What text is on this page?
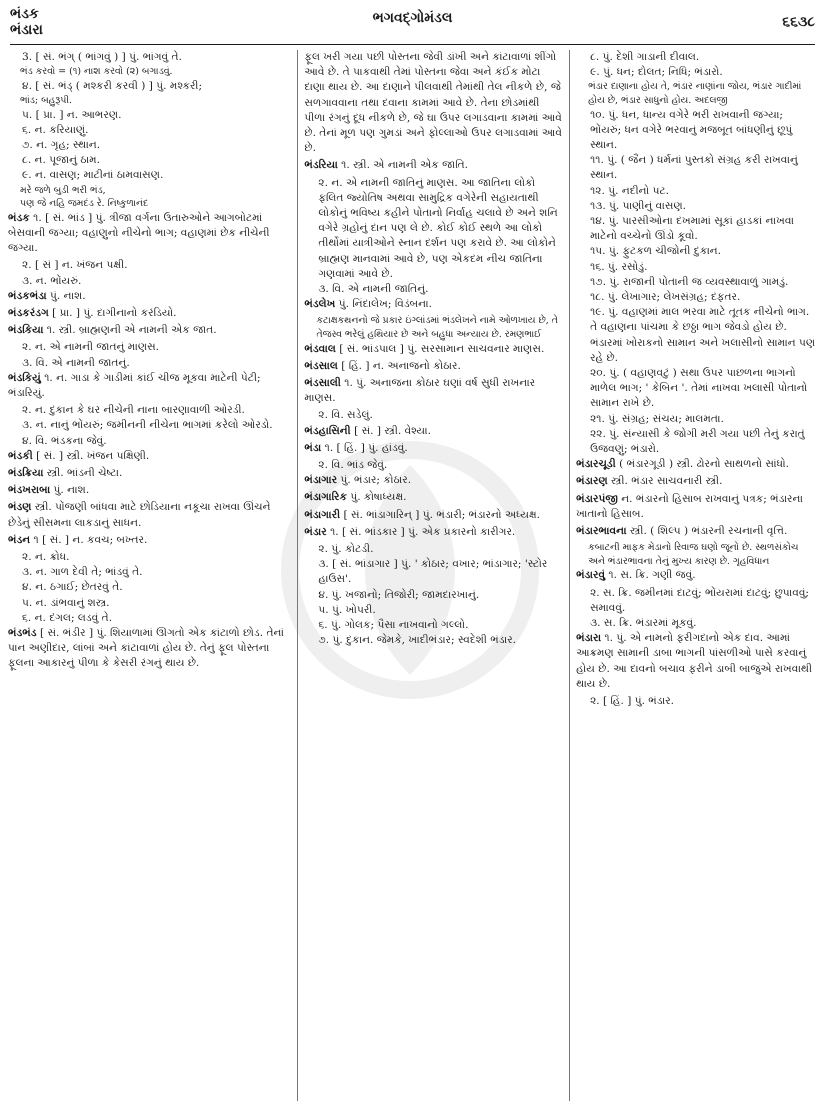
ભંડક
ભંડારા
ભગવદ્ગોમંડલ	૬૬૩૮
3. [ સં. ભંગ્ ( ભાંગવું ) ] પું. ભાંગવું તે.
ભંડ કરવો = (૧) નાશ કરવો (૨) બગાડવું.
૪. [ સં. ભંડ્ ( મશ્કરી કરવી ) ] પું. મશ્કરી;
ભાંડ; બહુરૂપી.
પ. [ પ્રા. ] ન. આભરણ.
૬. ન. કરિયાણું.
૭. ન. ગૃહ; સ્થાન.
૮. ન. પૂજાનું ઠામ.
૯. ન. વાસણ; માટીનાં ઠામવાસણ.
મરે જળે બુડી ભરી ભંડ,
પણ જે નહિ જમદંડ રે. નિષ્કુળાનંદ
ભંડક ૧. [ સં. ભાંડ ] પું. ત્રીજા વર્ગના ઉતારુઓને આગબોટમાં બેસવાની જગ્યા; વહાણુનો નીચેનો ભાગ; વહાણમાં છેક નીચેની જગ્યા.
૨. [ સં ] ન. ખંજન પક્ષી.
૩. ન. ભોંયરું.
ભંડકભંડા પું. નાશ.
ભંડકરંડગ [ પ્રા. ] પું. દાગીનાનો કરંડિયો.
ભંડકિયા ૧. સ્ત્રી. બ્રાહ્મણની એ નામની એક જાત.
૨. ન. એ નામની જાતનું માણસ.
૩. વિ. એ નામની જાતનું.
ભંડકિયું ૧. ન. ગાડા કે ગાડીમાં કાંઈ ચીજ મૂકવા માટેની પેટી; ભંડારિયું.
૨. ન. દુકાન કે ઘર નીચેની નાના બારણાવાળી ઓરડી.
૩. ન. નાનું ભોંયરું; જમીનની નીચેના ભાગમાં કરેલો ઓરડો.
૪. વિ. ભંડકના જેવું.
ભંડકી [ સં. ] સ્ત્રી. ખંજન પક્ષિણી.
ભંડક્રિયા સ્ત્રી. ભાંડની ચેષ્ટા.
ભંડખરાબા પું. નાશ.
ભંડણ સ્ત્રી. પોંજણી બાંધવા માટે છોડિયાના નકૂચા રાખવા ઊંચને છેડેનું સીસમના લાકડાનું સાધન.
ભંડન ૧ [ સં. ] ન. કવચ; બખ્તર.
૨. ન. ક્રોધ.
૩. ન. ગાળ દેવી તે; ભાંડવું તે.
૪. ન. ઠગાઈ; છેતરવું તે.
પ. ન. ડાંભવાનું શસ્ત્ર.
૬. ન. દંગલ; લડવું તે.
ભંડભંડ [ સં. ભંડીર ] પું. શિયાળામાં ઊગતો એક કાંટાળો છોડ. તેનાં પાન અણીદાર, લાંબાં અને કાંટાવાળાં હોય છે. તેનું ફૂલ પોસ્તના ફૂલના આકારનું પીળા કે કેસરી રંગનું થાય છે.
ફૂલ ખરી ગયા પછી પોસ્તના જેવી ડાંખી અને કાંટાવાળાં શીંગો આવે છે. તે પાકવાથી તેમાં પોસ્તના જેવા અને કંઈક મોટા દાણા થાય છે. આ દાણાને પીલવાથી તેમાંથી તેલ નીકળે છે, જે સળગાવવાના તથા દવાના કામમાં આવે છે. તેના છોડમાંથી પીળા રંગનું દૂધ નીકળે છે, જે ઘા ઉપર લગાડવાના કામમાં આવે છે. તેનાં મૂળ પણ ગુમડાં અને ફોલ્લાઓ ઉપર લગાડવામાં આવે છે.
ભંડરિયા ૧. સ્ત્રી. એ નામની એક જાતિ.
૨. ન. એ નામની જાતિનું માણસ. આ જાતિના લોકો ફલિત જ્યોતિષ અથવા સામુદ્રિક વગેરેની સહાયતાથી લોકોનું ભવિષ્ય કહીને પોતાનો નિર્વાહ ચલાવે છે અને શનિ વગેરે ગ્રહોનું દાન પણ લે છે. કોઈ કોઈ સ્થળે આ લોકો તીર્થોમાં યાત્રીઓને સ્નાન દર્શન પણ કરાવે છે. આ લોકોને બ્રાહ્મણ માનવામાં આવે છે, પણ એકદમ નીચ જાતિના ગણવામાં આવે છે.
૩. વિ. એ નામની જાતિનું.
ભંડલેખ પું. નિંદાલેખ; વિડંબના.
કટાક્ષકથનનો જે પ્રકાર ઇંગ્લાંડમાં ભંડલેખને નામે ઓળખાય છે, તે તેજસ્વ ભરેલું હથિયાર છે અને બહુધા અન્યાય છે. રમણભાઈ
ભંડવાલ [ સં. ભાંડપાલ ] પું. સરસામાન સાચવનાર માણસ.
ભંડસાલ [ હિં. ] ન. અનાજનો કોઠાર.
ભંડસાલી ૧. પું. અનાજના કોઠાર ઘણાં વર્ષ સુધી રાખનાર માણસ.
૨. વિ. સડેલું.
ભંડહાસિની [ સં. ] સ્ત્રી. વેશ્યા.
ભંડા ૧. [ હિં. ] પું. હાંડવું.
૨. વિ. ભાંડ જેવું.
ભંડાગાર પું. ભંડાર; કોઠાર.
ભંડાગારિક પું. કોષાધ્યક્ષ.
ભંડાગારી [ સં. ભાંડાગારિન્ ] પું. ભંડારી; ભંડારનો અધ્યક્ષ.
ભંડાર ૧. [ સં. ભાંડકાર ] પું. એક પ્રકારનો કારીગર.
૨. પું. કોટડી.
૩. [ સં. ભાંડાગાર ] પું. ' કોઠાર; વખાર; ભાંડાગાર; 'સ્ટોર હાઉસ'.
૪. પું. ખજાનો; તિજોરી; જામદારખાનું.
પ. પું. ખોપરી.
૬. પું. ગોલક; પૈસા નાખવાનો ગલ્લો.
૭. પું. દુકાન. જેમકે, ખાદીભંડાર; સ્વદેશી ભંડાર.
૮. પું. દેશી ગાડાની દીવાલ.
૯. પું. ધન; દોલત; નિધિ; ભંડારો.
ભંડાર દાણાના હોય તે, ભંડાર નાણાંના જોય, ભંડાર ગાદીમાં હોય છે, ભંડાર સાધુનો હોય. અદલજી
૧૦. પું. ધન, ધાન્ય વગેરે ભરી રાખવાની જગ્યા; ભોંયરું; ધન વગેરે ભરવાનું મજબૂત બાંધણીનું છૂપું સ્થાન.
૧૧. પું. ( જૈન ) ધર્મનાં પુસ્તકો સંગ્રહ કરી રાખવાનું સ્થાન.
૧૨. પું. નદીનો પટ.
૧૩. પું. પાણીનું વાસણ.
૧૪. પું. પારસીઓના દખમામાં સૂકાં હાડકાં નાખવા માટેનો વચ્ચેનો ઊંડો કૂવો.
૧પ. પું. ફુટકળ ચીજોની દુકાન.
૧૬. પું. રસોડું.
૧૭. પું. રાજાની પોતાની જ વ્યવસ્થાવાળું ગામડું.
૧૮. પું. લેખાગાર; લેખસંગ્રહ; દફતર.
૧૯. પું. વહાણમાં માલ ભરવા માટે તૂતક નીચેનો ભાગ. તે વહાણના પાંચમા કે છઠ્ઠા ભાગ જેવડો હોય છે. ભંડારમાં ખોરાકનો સામાન અને ખલાસીનો સામાન પણ રહે છે.
૨૦. પું. ( વહાણવટું ) સથા ઉપર પાછળના ભાગનો માળેલ ભાગ; ' કેબિન '. તેમાં નાખવા ખલાસી પોતાનો સામાન રાખે છે.
૨૧. પું. સંગ્રહ; સંચય; માલમતા.
૨૨. પું. સંન્યાસી કે જોગી મરી ગયા પછી તેનું કરાતું ઉજવણું; ભંડારો.
ભંડારચૂડી ( ભંડારગૂડી ) સ્ત્રી. ઢોરનો સાથળનો સાંધો.
ભંડારણ સ્ત્રી. ભંડાર સાચવનારી સ્ત્રી.
ભંડારપંજી ન. ભંડારનો હિસાબ રાખવાનું પત્રક; ભંડારના ખાતાનો હિસાબ.
ભંડારભાવના સ્ત્રી. ( શિલ્પ ) ભંડારની રચનાની વૃત્તિ.
કબાટની માફક મેડાનો રિવાજ ઘણો જૂનો છે. સ્થળસંકોચ અને ભંડારભાવના તેનું મુખ્ય કારણ છે. ગૃહવિધાન
ભંડારવું ૧. સ. ક્રિ. ગણી જવું.
૨. સ. ક્રિ. જમીનમાં દાટવું; ભોંયરામાં દાટવું; છુપાવવું; સમાવવું.
૩. સ. ક્રિ. ભંડારમાં મૂકવું.
ભંડારા ૧. પું. એ નામનો ફરીગદાનો એક દાવ. આમાં આક્રમણ સામાની ડાબા ભાગની પાંસળીઓ પાસે કરવાનું હોય છે. આ દાવનો બચાવ ફરીને ડાબી બાજુએ રાખવાથી થાય છે.
૨. [ હિં. ] પું. ભંડાર.
